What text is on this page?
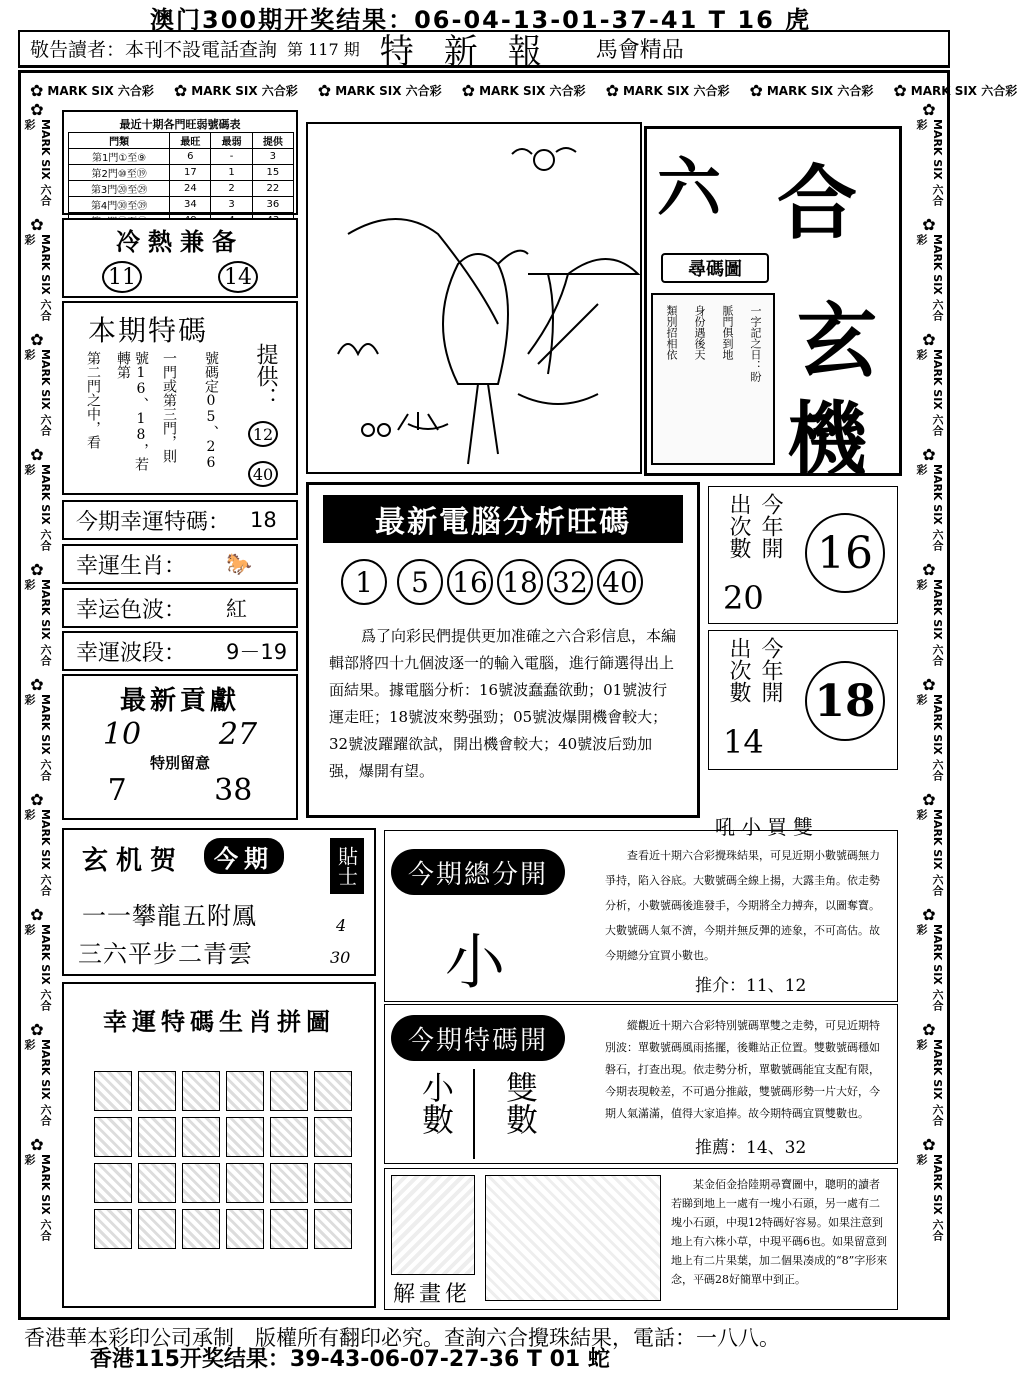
澳门300期开奖结果：06-04-13-01-37-41 T 16 虎
敬告讀者：本刊不設電話查詢 第 117 期 特新報 馬會精品
✿ MARK SIX 六合彩 ✿ MARK SIX 六合彩 ✿ MARK SIX 六合彩 ✿ MARK SIX 六合彩 ✿ MARK SIX 六合彩 ✿ MARK SIX 六合彩 ✿ MARK SIX 六合彩
✿
MARK SIX 六合彩
✿
MARK SIX 六合彩
✿
MARK SIX 六合彩
✿
MARK SIX 六合彩
✿
MARK SIX 六合彩
✿
MARK SIX 六合彩
✿
MARK SIX 六合彩
✿
MARK SIX 六合彩
✿
MARK SIX 六合彩
✿
MARK SIX 六合彩
✿
MARK SIX 六合彩
✿
MARK SIX 六合彩
✿
MARK SIX 六合彩
✿
MARK SIX 六合彩
✿
MARK SIX 六合彩
✿
MARK SIX 六合彩
✿
MARK SIX 六合彩
✿
MARK SIX 六合彩
✿
MARK SIX 六合彩
✿
MARK SIX 六合彩
最近十期各門旺弱號碼表
門類	最旺	最弱	提供
第1門①至⑨	6	-	3
第2門⑩至⑲	17	1	15
第3門⑳至㉙	24	2	22
第4門㉚至㊴	34	3	36

冷熱兼备
11	14
本期特碼
第二門之中，看	號16、18，若轉第	一門或第三門，則 號碼定05、26 提供：
12
40
今期幸運特碼： 18
幸運生肖： 🐎
幸运色波： 紅
幸運波段： 9－19
最新貢獻
10	27
特別留意
7	38
玄机贺	今期
一一攀龍五附鳳
三六平步二青雲
貼士
4
30
幸運特碼生肖拼圖
六 合
玄
機
尋碼圖
類別招相依 身份遇後天 脈門俱到地 一字記之日：盼
最新電腦分析旺碼
1	5 16 18 32 40
爲了向彩民們提供更加准確之六合彩信息，本編輯部將四十九個波逐一的輸入電腦，進行篩選得出上面結果。據電腦分析：16號波蠢蠢欲動；01號波行運走旺；18號波來勢强勁；05號波爆開機會較大；32號波躍躍欲試，開出機會較大；40號波后勁加强，爆開有望。
出次數 今年開
20
16
出次數 今年開
14
18
今期總分開
小
吼小買雙
查看近十期六合彩攪珠結果，可見近期小數號碼無力爭持，陷入谷底。大數號碼全線上揚，大露圭角。依走勢分析，小數號碼後進發手，今期將全力搏奔，以圖奪寶。大數號碼人氣不濟，今期并無反彈的迹象，不可高估。故今期總分宜買小數也。
推介：11、12
今期特碼開
小數 雙數
縱觀近十期六合彩特別號碼單雙之走勢，可見近期特別波：單數號碼風雨搖擺，後難站正位置。雙數號碼穩如磐石，打查出現。依走勢分析，單數號碼能宜支配有限，今期表現較差，不可過分推敲，雙號碼形勢一片大好，今期人氣滿滿，值得大家追捧。故今期特碼宜買雙數也。
推薦：14、32
解畫佬
某金佰金拾陸期尋寶圖中，聰明的讀者若睇到地上一處有一塊小石頭，另一處有二塊小石頭，中現12特碼好容易。如果注意到地上有六株小草，中現平碼6也。如果留意到地上有二片果葉，加二個果凑成的“8”字形來念，平碼28好簡單中到正。
香港華本彩印公司承制　版權所有翻印必究。查詢六合攪珠結果，電話：一八八。
香港115开奖结果：39-43-06-07-27-36 T 01 蛇
